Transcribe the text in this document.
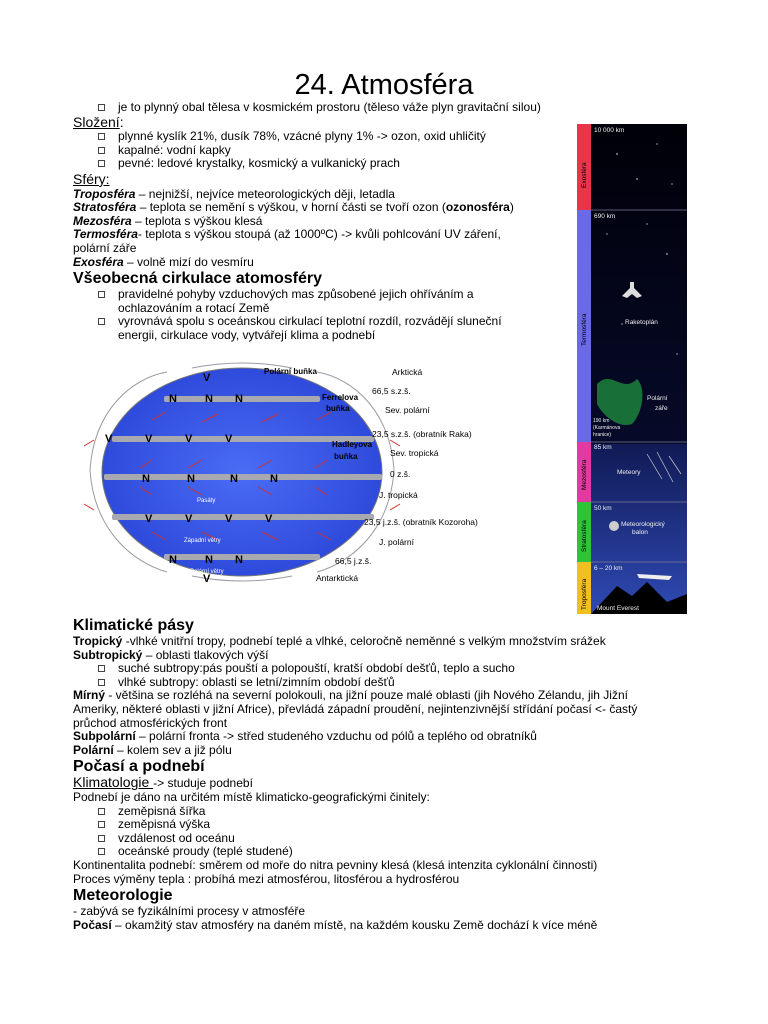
24. Atmosféra
je to plynný obal tělesa v kosmickém prostoru (těleso váže plyn gravitační silou)
Složení:
plynné kyslík 21%, dusík 78%, vzácné plyny 1% -> ozon, oxid uhličitý
kapalné: vodní kapky
pevné: ledové krystalky, kosmický a vulkanický prach
Sféry:
Troposféra – nejnižší, nejvíce meteorologických ději, letadla
Stratosféra – teplota se nemění s výškou, v horní části se tvoří ozon (ozonosféra)
Mezosféra – teplota s výškou klesá
Termosféra- teplota s výškou stoupá (až 1000ºC) -> kvůli pohlcování UV záření,
polární záře
Exosféra – volně mizí do vesmíru
Všeobecná cirkulace atomosféry
pravidelné pohyby vzduchových mas způsobené jejich ohříváním a ochlazováním a rotací Země
vyrovnává spolu s oceánskou cirkulací teplotní rozdíl, rozvádějí sluneční energii, cirkulace vody, vytvářejí klima a podnebí
V
N	N N
V	V	V	V
N	N	N	N
V	V	V	V
N	N N
V
Pasáty
Západní větry
Polární větry
Polární buňka
Ferrelova
buňka
Hadleyova
buňka
Arktická
66,5 s.z.š.
Sev. polární
23,5 s.z.š. (obratník Raka)
Sev. tropická
0 z.š.
J. tropická
23,5 j.z.š. (obratník Kozoroha)
J. polární
66,5 j.z.š.
Antarktická
Exosféra
Termosféra
Mezosféra
Stratosféra
Troposféra
10 000 km
690 km
Raketoplán
Polární
záře
190 km
(Karmánova
hranice)
85 km
Meteory
50 km
Meteorologický
balon
6 – 20 km
Mount Everest
Klimatické pásy
Tropický -vlhké vnitřní tropy, podnebí teplé a vlhké, celoročně neměnné s velkým množstvím srážek
Subtropický – oblasti tlakových výší
suché subtropy:pás pouští a polopouští, kratší období dešťů, teplo a sucho
vlhké subtropy: oblasti se letní/zimním období dešťů
Mírný - většina se rozléhá na severní polokouli, na jižní pouze malé oblasti (jih Nového Zélandu, jih Jižní
Ameriky, některé oblasti v jižní Africe), převládá západní proudění, nejintenzivnější střídání počasí <- častý
průchod atmosférických front
Subpolární – polární fronta -> střed studeného vzduchu od pólů a teplého od obratníků
Polární – kolem sev a již pólu
Počasí a podnebí
Klimatologie -> studuje podnebí
Podnebí je dáno na určitém místě klimaticko-geografickými činitely:
zeměpisná šířka
zeměpisná výška
vzdálenost od oceánu
oceánské proudy (teplé studené)
Kontinentalita podnebí: směrem od moře do nitra pevniny klesá (klesá intenzita cyklonální činnosti)
Proces výměny tepla : probíhá mezi atmosférou, litosférou a hydrosférou
Meteorologie
- zabývá se fyzikálními procesy v atmosféře
Počasí – okamžitý stav atmosféry na daném místě, na každém kousku Země dochází k více méně
